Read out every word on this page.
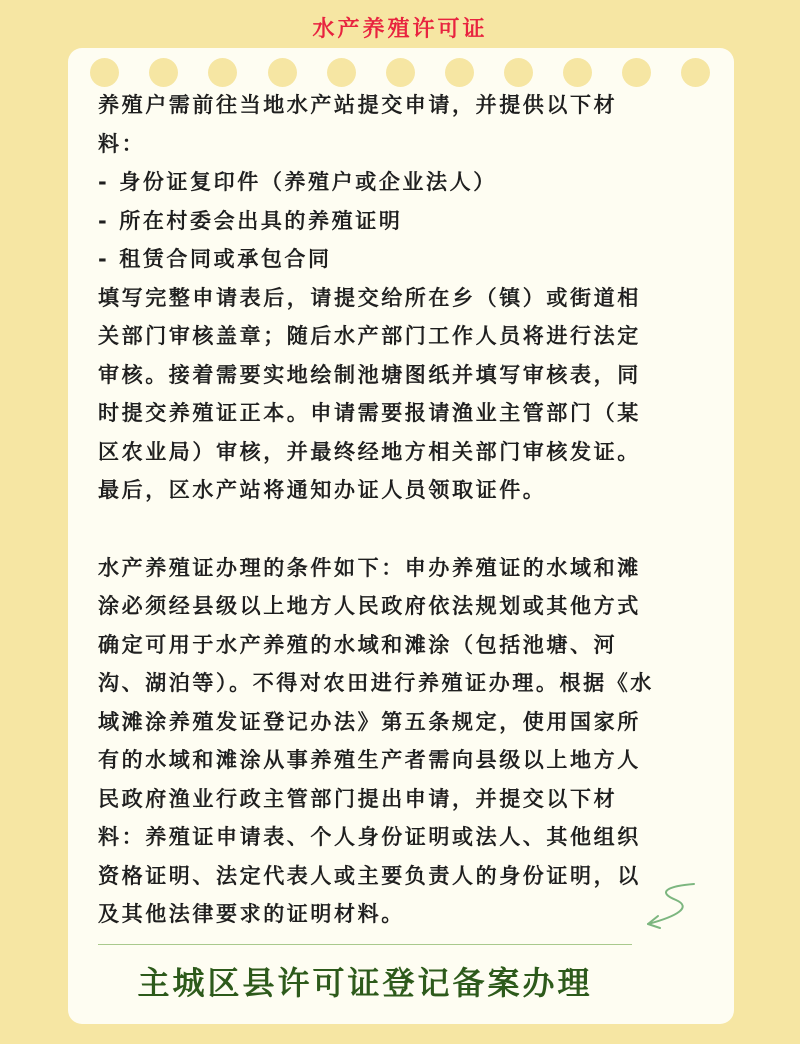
水产养殖许可证

养殖户需前往当地水产站提交申请，并提供以下材

料：

- 身份证复印件（养殖户或企业法人）

- 所在村委会出具的养殖证明

- 租赁合同或承包合同

填写完整申请表后，请提交给所在乡（镇）或街道相

关部门审核盖章；随后水产部门工作人员将进行法定

审核。接着需要实地绘制池塘图纸并填写审核表，同

时提交养殖证正本。申请需要报请渔业主管部门（某

区农业局）审核，并最终经地方相关部门审核发证。

最后，区水产站将通知办证人员领取证件。

水产养殖证办理的条件如下：申办养殖证的水域和滩

涂必须经县级以上地方人民政府依法规划或其他方式

确定可用于水产养殖的水域和滩涂（包括池塘、河

沟、湖泊等）。不得对农田进行养殖证办理。根据《水

域滩涂养殖发证登记办法》第五条规定，使用国家所

有的水域和滩涂从事养殖生产者需向县级以上地方人

民政府渔业行政主管部门提出申请，并提交以下材

料：养殖证申请表、个人身份证明或法人、其他组织

资格证明、法定代表人或主要负责人的身份证明，以

及其他法律要求的证明材料。

主城区县许可证登记备案办理
